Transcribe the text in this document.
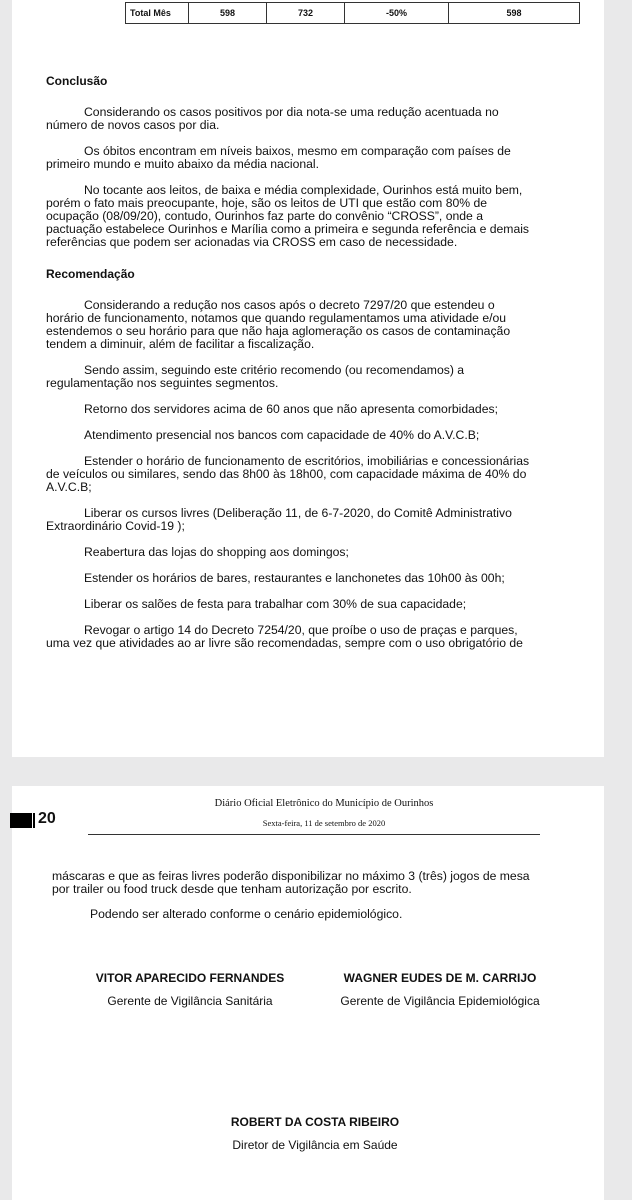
Total Mês	598	732	-50%	598
Conclusão

Considerando os casos positivos por dia nota-se uma redução acentuada no
número de novos casos por dia.

Os óbitos encontram em níveis baixos, mesmo em comparação com países de
primeiro mundo e muito abaixo da média nacional.

No tocante aos leitos, de baixa e média complexidade, Ourinhos está muito bem,
porém o fato mais preocupante, hoje, são os leitos de UTI que estão com 80% de
ocupação (08/09/20), contudo, Ourinhos faz parte do convênio “CROSS”, onde a
pactuação estabelece Ourinhos e Marília como a primeira e segunda referência e demais
referências que podem ser acionadas via CROSS em caso de necessidade.

Recomendação

Considerando a redução nos casos após o decreto 7297/20 que estendeu o
horário de funcionamento, notamos que quando regulamentamos uma atividade e/ou
estendemos o seu horário para que não haja aglomeração os casos de contaminação
tendem a diminuir, além de facilitar a fiscalização.

Sendo assim, seguindo este critério recomendo (ou recomendamos) a
regulamentação nos seguintes segmentos.

Retorno dos servidores acima de 60 anos que não apresenta comorbidades;

Atendimento presencial nos bancos com capacidade de 40% do A.V.C.B;

Estender o horário de funcionamento de escritórios, imobiliárias e concessionárias
de veículos ou similares, sendo das 8h00 às 18h00, com capacidade máxima de 40% do
A.V.C.B;

Liberar os cursos livres (Deliberação 11, de 6-7-2020, do Comitê Administrativo
Extraordinário Covid-19 );

Reabertura das lojas do shopping aos domingos;

Estender os horários de bares, restaurantes e lanchonetes das 10h00 às 00h;

Liberar os salões de festa para trabalhar com 30% de sua capacidade;

Revogar o artigo 14 do Decreto 7254/20, que proíbe o uso de praças e parques,
uma vez que atividades ao ar livre são recomendadas, sempre com o uso obrigatório de

20
Diário Oficial Eletrônico do Município de Ourinhos
Sexta-feira, 11 de setembro de 2020

máscaras e que as feiras livres poderão disponibilizar no máximo 3 (três) jogos de mesa
por trailer ou food truck desde que tenham autorização por escrito.

Podendo ser alterado conforme o cenário epidemiológico.

VITOR APARECIDO FERNANDES
Gerente de Vigilância Sanitária
WAGNER EUDES DE M. CARRIJO
Gerente de Vigilância Epidemiológica
ROBERT DA COSTA RIBEIRO
Diretor de Vigilância em Saúde
